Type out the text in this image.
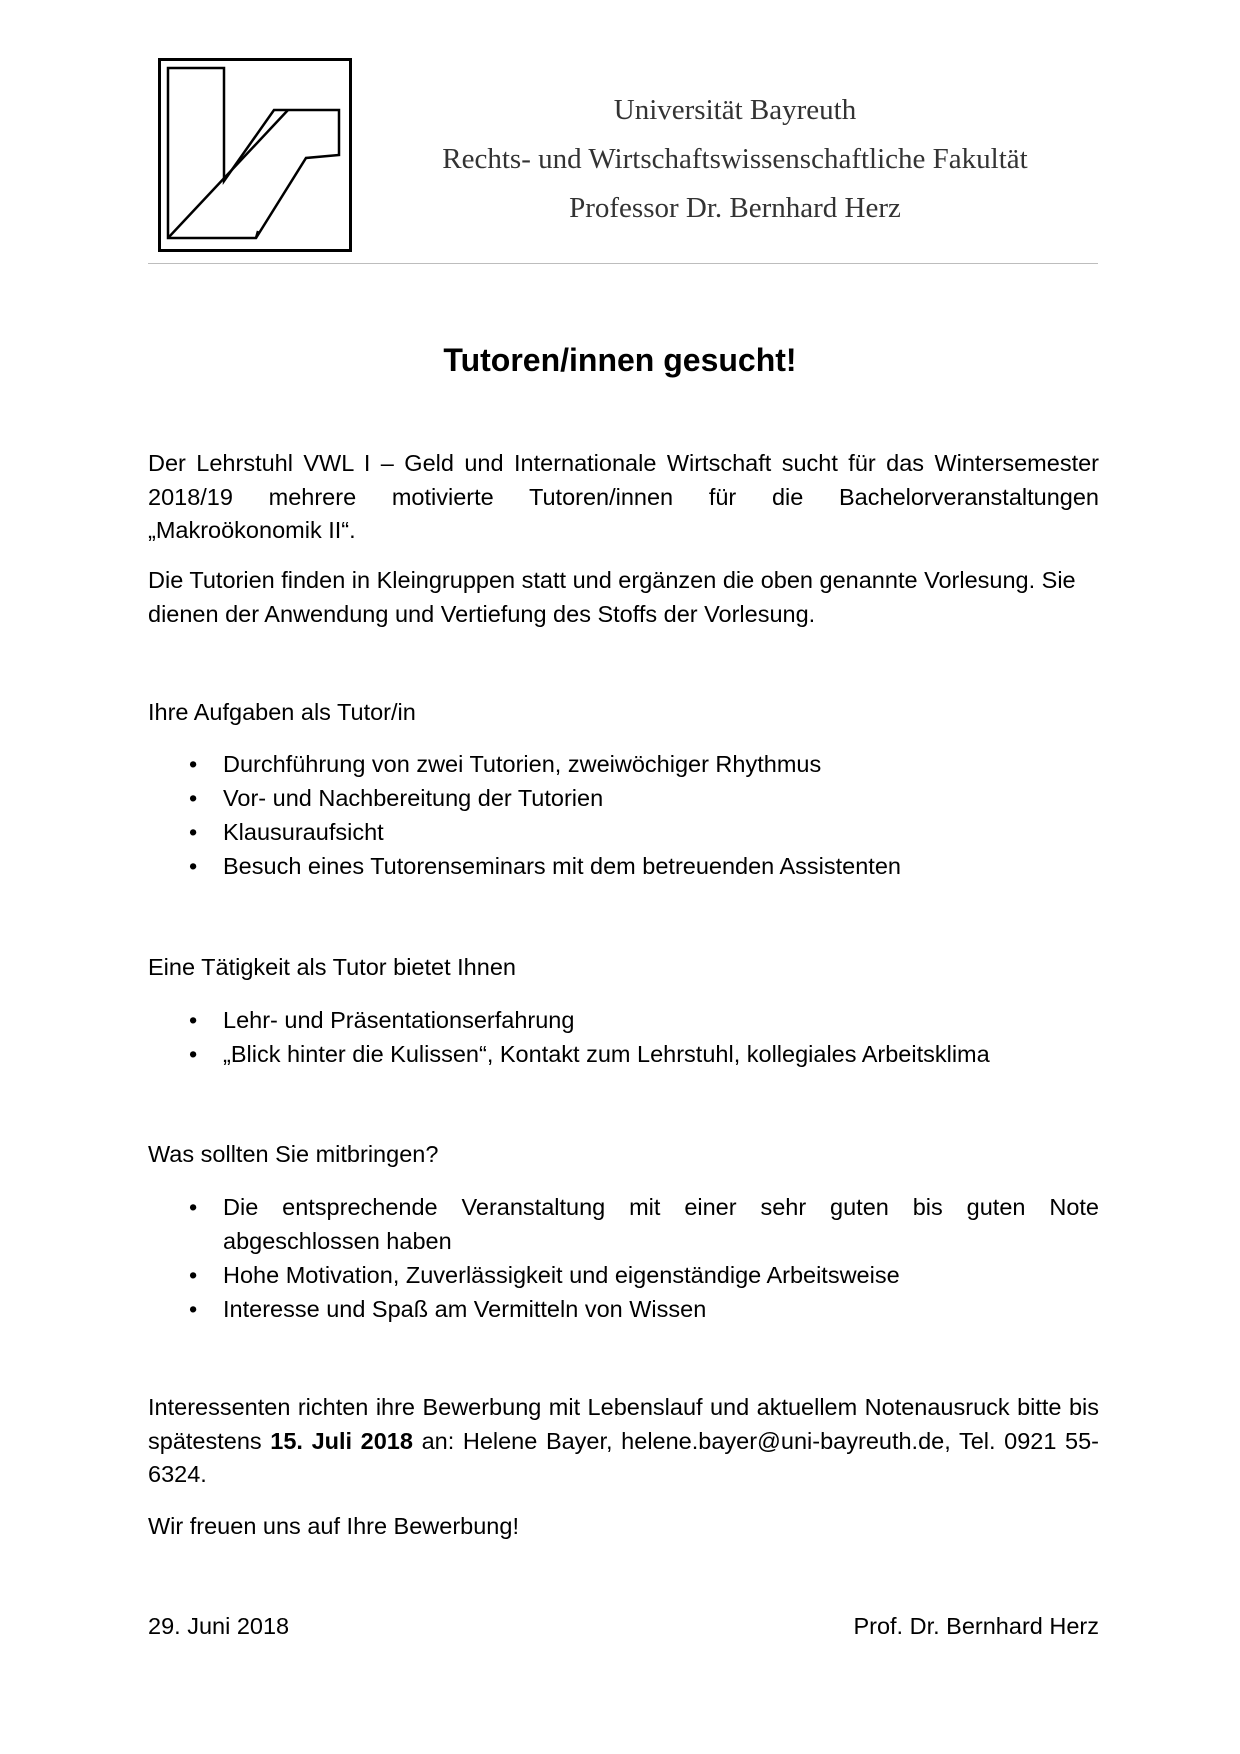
Universität Bayreuth
Rechts- und Wirtschaftswissenschaftliche Fakultät
Professor Dr. Bernhard Herz
Tutoren/innen gesucht!
Der Lehrstuhl VWL I – Geld und Internationale Wirtschaft sucht für das Wintersemester 2018/19 mehrere motivierte Tutoren/innen für die Bachelorveranstaltungen „Makroökonomik II“.
Die Tutorien finden in Kleingruppen statt und ergänzen die oben genannte Vorlesung. Sie dienen der Anwendung und Vertiefung des Stoffs der Vorlesung.
Ihre Aufgaben als Tutor/in
• Durchführung von zwei Tutorien, zweiwöchiger Rhythmus
• Vor- und Nachbereitung der Tutorien
• Klausuraufsicht
• Besuch eines Tutorenseminars mit dem betreuenden Assistenten
Eine Tätigkeit als Tutor bietet Ihnen
• Lehr- und Präsentationserfahrung
• „Blick hinter die Kulissen“, Kontakt zum Lehrstuhl, kollegiales Arbeitsklima
Was sollten Sie mitbringen?
• Die entsprechende Veranstaltung mit einer sehr guten bis guten Note abgeschlossen haben
• Hohe Motivation, Zuverlässigkeit und eigenständige Arbeitsweise
• Interesse und Spaß am Vermitteln von Wissen
Interessenten richten ihre Bewerbung mit Lebenslauf und aktuellem Notenausruck bitte bis spätestens 15. Juli 2018 an: Helene Bayer, helene.bayer@uni-bayreuth.de, Tel. 0921 55-6324.
Wir freuen uns auf Ihre Bewerbung!
29. Juni 2018	Prof. Dr. Bernhard Herz
